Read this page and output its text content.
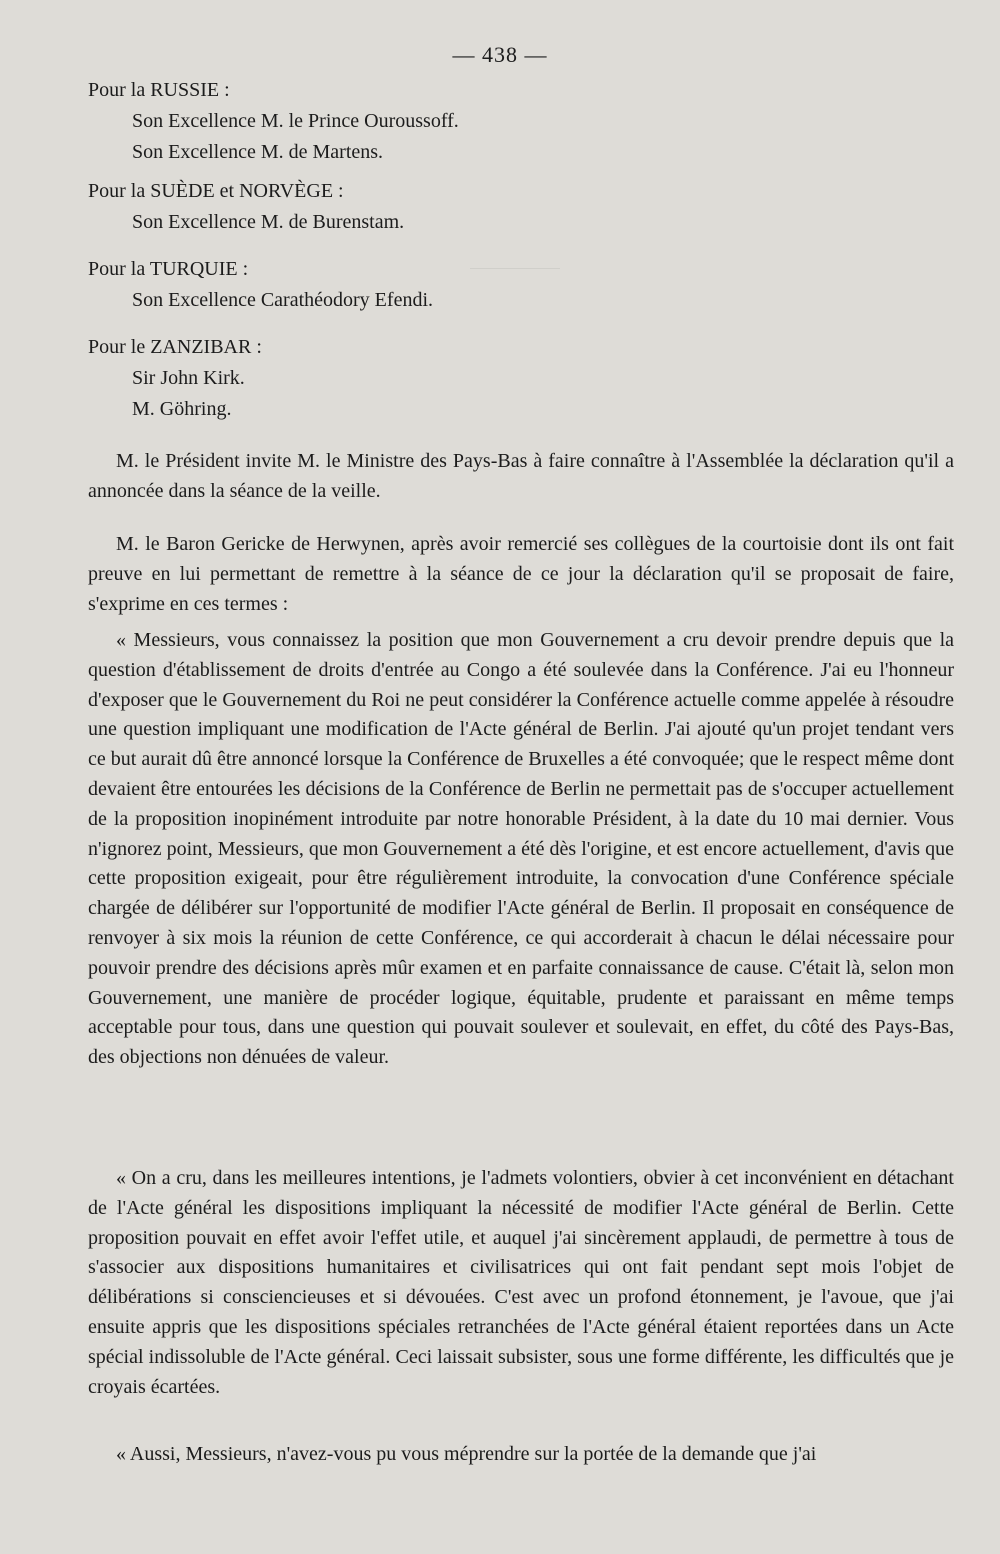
— 438 —
Pour la RUSSIE :
Son Excellence M. le Prince Ouroussoff.
Son Excellence M. de Martens.
Pour la SUÈDE et NORVÈGE :
Son Excellence M. de Burenstam.
Pour la TURQUIE :
Son Excellence Carathéodory Efendi.
Pour le ZANZIBAR :
Sir John Kirk.
M. Göhring.

M. le Président invite M. le Ministre des Pays-Bas à faire connaître à l'Assemblée la déclaration qu'il a annoncée dans la séance de la veille.

M. le Baron Gericke de Herwynen, après avoir remercié ses collègues de la courtoisie dont ils ont fait preuve en lui permettant de remettre à la séance de ce jour la déclaration qu'il se proposait de faire, s'exprime en ces termes :

« Messieurs, vous connaissez la position que mon Gouvernement a cru devoir prendre depuis que la question d'établissement de droits d'entrée au Congo a été soulevée dans la Conférence. J'ai eu l'honneur d'exposer que le Gouvernement du Roi ne peut considérer la Conférence actuelle comme appelée à résoudre une question impliquant une modification de l'Acte général de Berlin. J'ai ajouté qu'un projet tendant vers ce but aurait dû être annoncé lorsque la Conférence de Bruxelles a été convoquée; que le respect même dont devaient être entourées les décisions de la Conférence de Berlin ne permettait pas de s'occuper actuellement de la proposition inopinément introduite par notre honorable Président, à la date du 10 mai dernier. Vous n'ignorez point, Messieurs, que mon Gouvernement a été dès l'origine, et est encore actuellement, d'avis que cette proposition exigeait, pour être régulièrement introduite, la convocation d'une Conférence spéciale chargée de délibérer sur l'opportunité de modifier l'Acte général de Berlin. Il proposait en conséquence de renvoyer à six mois la réunion de cette Conférence, ce qui accorderait à chacun le délai nécessaire pour pouvoir prendre des décisions après mûr examen et en parfaite connaissance de cause. C'était là, selon mon Gouvernement, une manière de procéder logique, équitable, prudente et paraissant en même temps acceptable pour tous, dans une question qui pouvait soulever et soulevait, en effet, du côté des Pays-Bas, des objections non dénuées de valeur.

« On a cru, dans les meilleures intentions, je l'admets volontiers, obvier à cet inconvénient en détachant de l'Acte général les dispositions impliquant la nécessité de modifier l'Acte général de Berlin. Cette proposition pouvait en effet avoir l'effet utile, et auquel j'ai sincèrement applaudi, de permettre à tous de s'associer aux dispositions humanitaires et civilisatrices qui ont fait pendant sept mois l'objet de délibérations si consciencieuses et si dévouées. C'est avec un profond étonnement, je l'avoue, que j'ai ensuite appris que les dispositions spéciales retranchées de l'Acte général étaient reportées dans un Acte spécial indissoluble de l'Acte général. Ceci laissait subsister, sous une forme différente, les difficultés que je croyais écartées.

« Aussi, Messieurs, n'avez-vous pu vous méprendre sur la portée de la demande que j'ai
